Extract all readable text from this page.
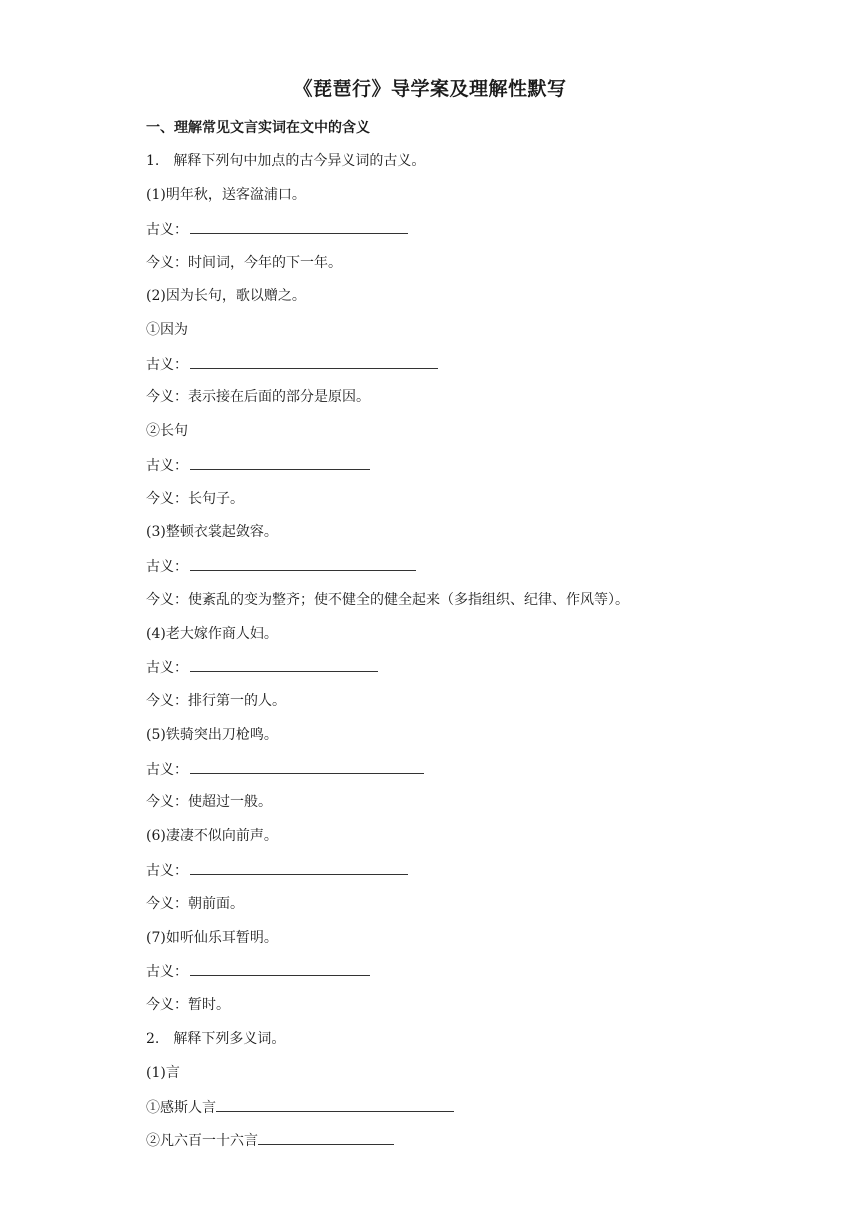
《琵琶行》导学案及理解性默写
一、理解常见文言实词在文中的含义
1.　解释下列句中加点的古今异义词的古义。
(1)明年秋，送客湓浦口。
古义：
今义：时间词，今年的下一年。
(2)因为长句，歌以赠之。
①因为
古义：
今义：表示接在后面的部分是原因。
②长句
古义：
今义：长句子。
(3)整顿衣裳起敛容。
古义：
今义：使紊乱的变为整齐；使不健全的健全起来（多指组织、纪律、作风等）。
(4)老大嫁作商人妇。
古义：
今义：排行第一的人。
(5)铁骑突出刀枪鸣。
古义：
今义：使超过一般。
(6)凄凄不似向前声。
古义：
今义：朝前面。
(7)如听仙乐耳暂明。
古义：
今义：暂时。
2.　解释下列多义词。
(1)言
①感斯人言
②凡六百一十六言
